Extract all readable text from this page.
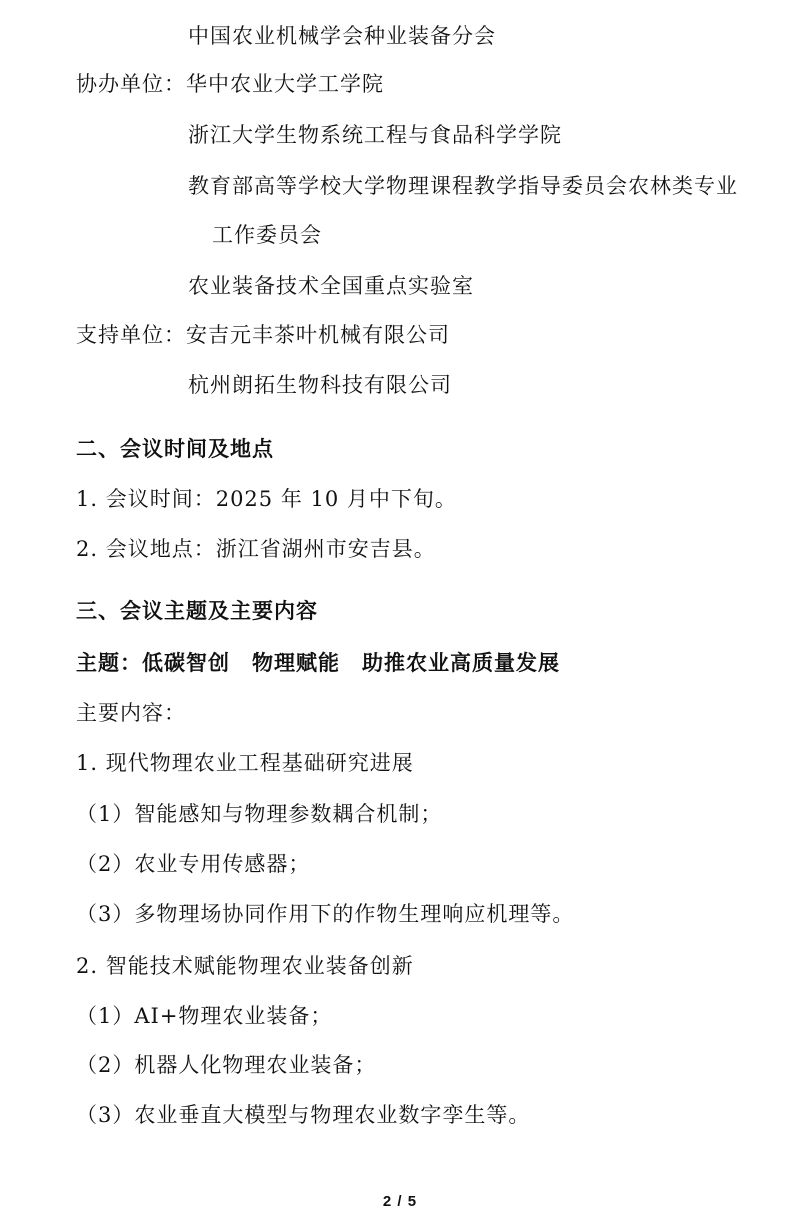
中国农业机械学会种业装备分会
协办单位：华中农业大学工学院
浙江大学生物系统工程与食品科学学院
教育部高等学校大学物理课程教学指导委员会农林类专业
工作委员会
农业装备技术全国重点实验室
支持单位：安吉元丰茶叶机械有限公司
杭州朗拓生物科技有限公司
二、会议时间及地点
1. 会议时间：2025 年 10 月中下旬。
2. 会议地点：浙江省湖州市安吉县。
三、会议主题及主要内容
主题：低碳智创　物理赋能　助推农业高质量发展
主要内容：
1. 现代物理农业工程基础研究进展
（1）智能感知与物理参数耦合机制；
（2）农业专用传感器；
（3）多物理场协同作用下的作物生理响应机理等。
2. 智能技术赋能物理农业装备创新
（1）AI+物理农业装备；
（2）机器人化物理农业装备；
（3）农业垂直大模型与物理农业数字孪生等。
2 / 5
